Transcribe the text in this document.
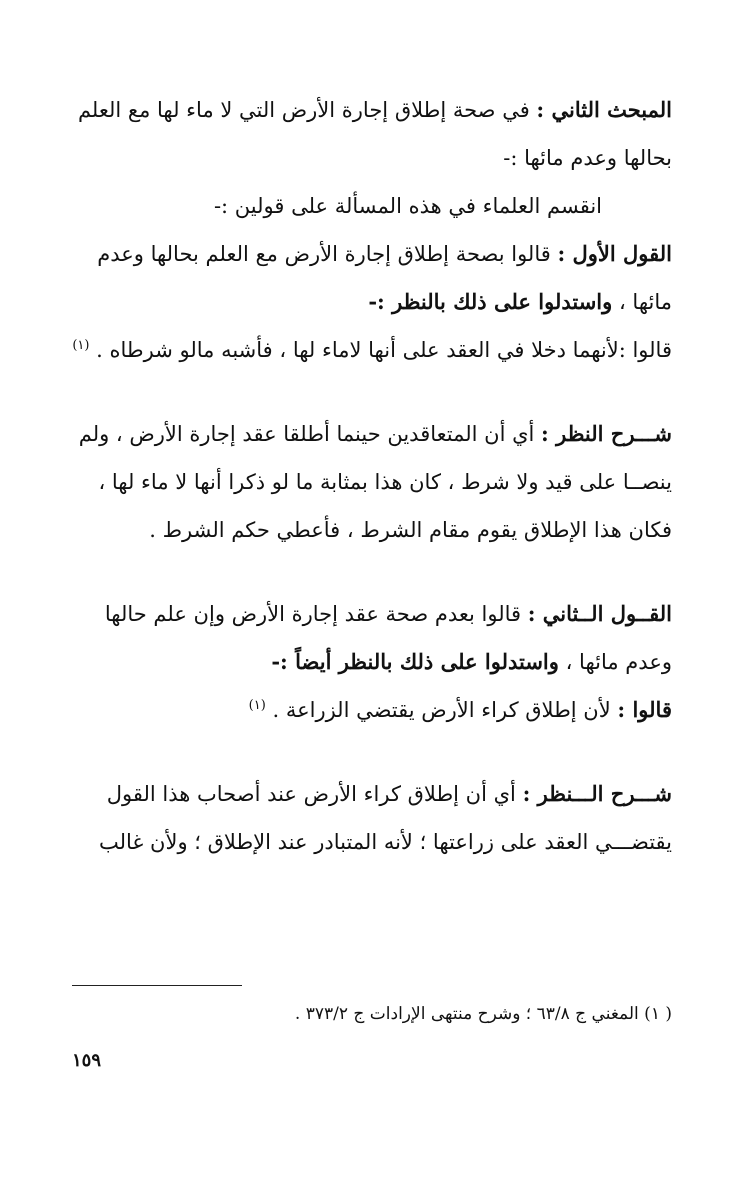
المبحث الثاني : في صحة إطلاق إجارة الأرض التي لا ماء لها مع العلم
بحالها وعدم مائها :-
انقسم العلماء في هذه المسألة على قولين :-
القول الأول : قالوا بصحة إطلاق إجارة الأرض مع العلم بحالها وعدم
مائها ، واستدلوا على ذلك بالنظر :-
قالوا :لأنهما دخلا في العقد على أنها لاماء لها ، فأشبه مالو شرطاه . $^{(١)}$
شـــرح النظر : أي أن المتعاقدين حينما أطلقا عقد إجارة الأرض ، ولم
ينصــا على قيد ولا شرط ، كان هذا بمثابة ما لو ذكرا أنها لا ماء لها ،
فكان هذا الإطلاق يقوم مقام الشرط ، فأعطي حكم الشرط .
القــول الــثاني : قالوا بعدم صحة عقد إجارة الأرض وإن علم حالها
وعدم مائها ، واستدلوا على ذلك بالنظر أيضاً :-
قالوا : لأن إطلاق كراء الأرض يقتضي الزراعة . $^{(١)}$
شـــرح الـــنظر : أي أن إطلاق كراء الأرض عند أصحاب هذا القول
يقتضـــي العقد على زراعتها ؛ لأنه المتبادر عند الإطلاق ؛ ولأن غالب
( ١) المغني ج ٦٣/٨ ؛ وشرح منتهى الإرادات ج ٣٧٣/٢ .
١٥٩
